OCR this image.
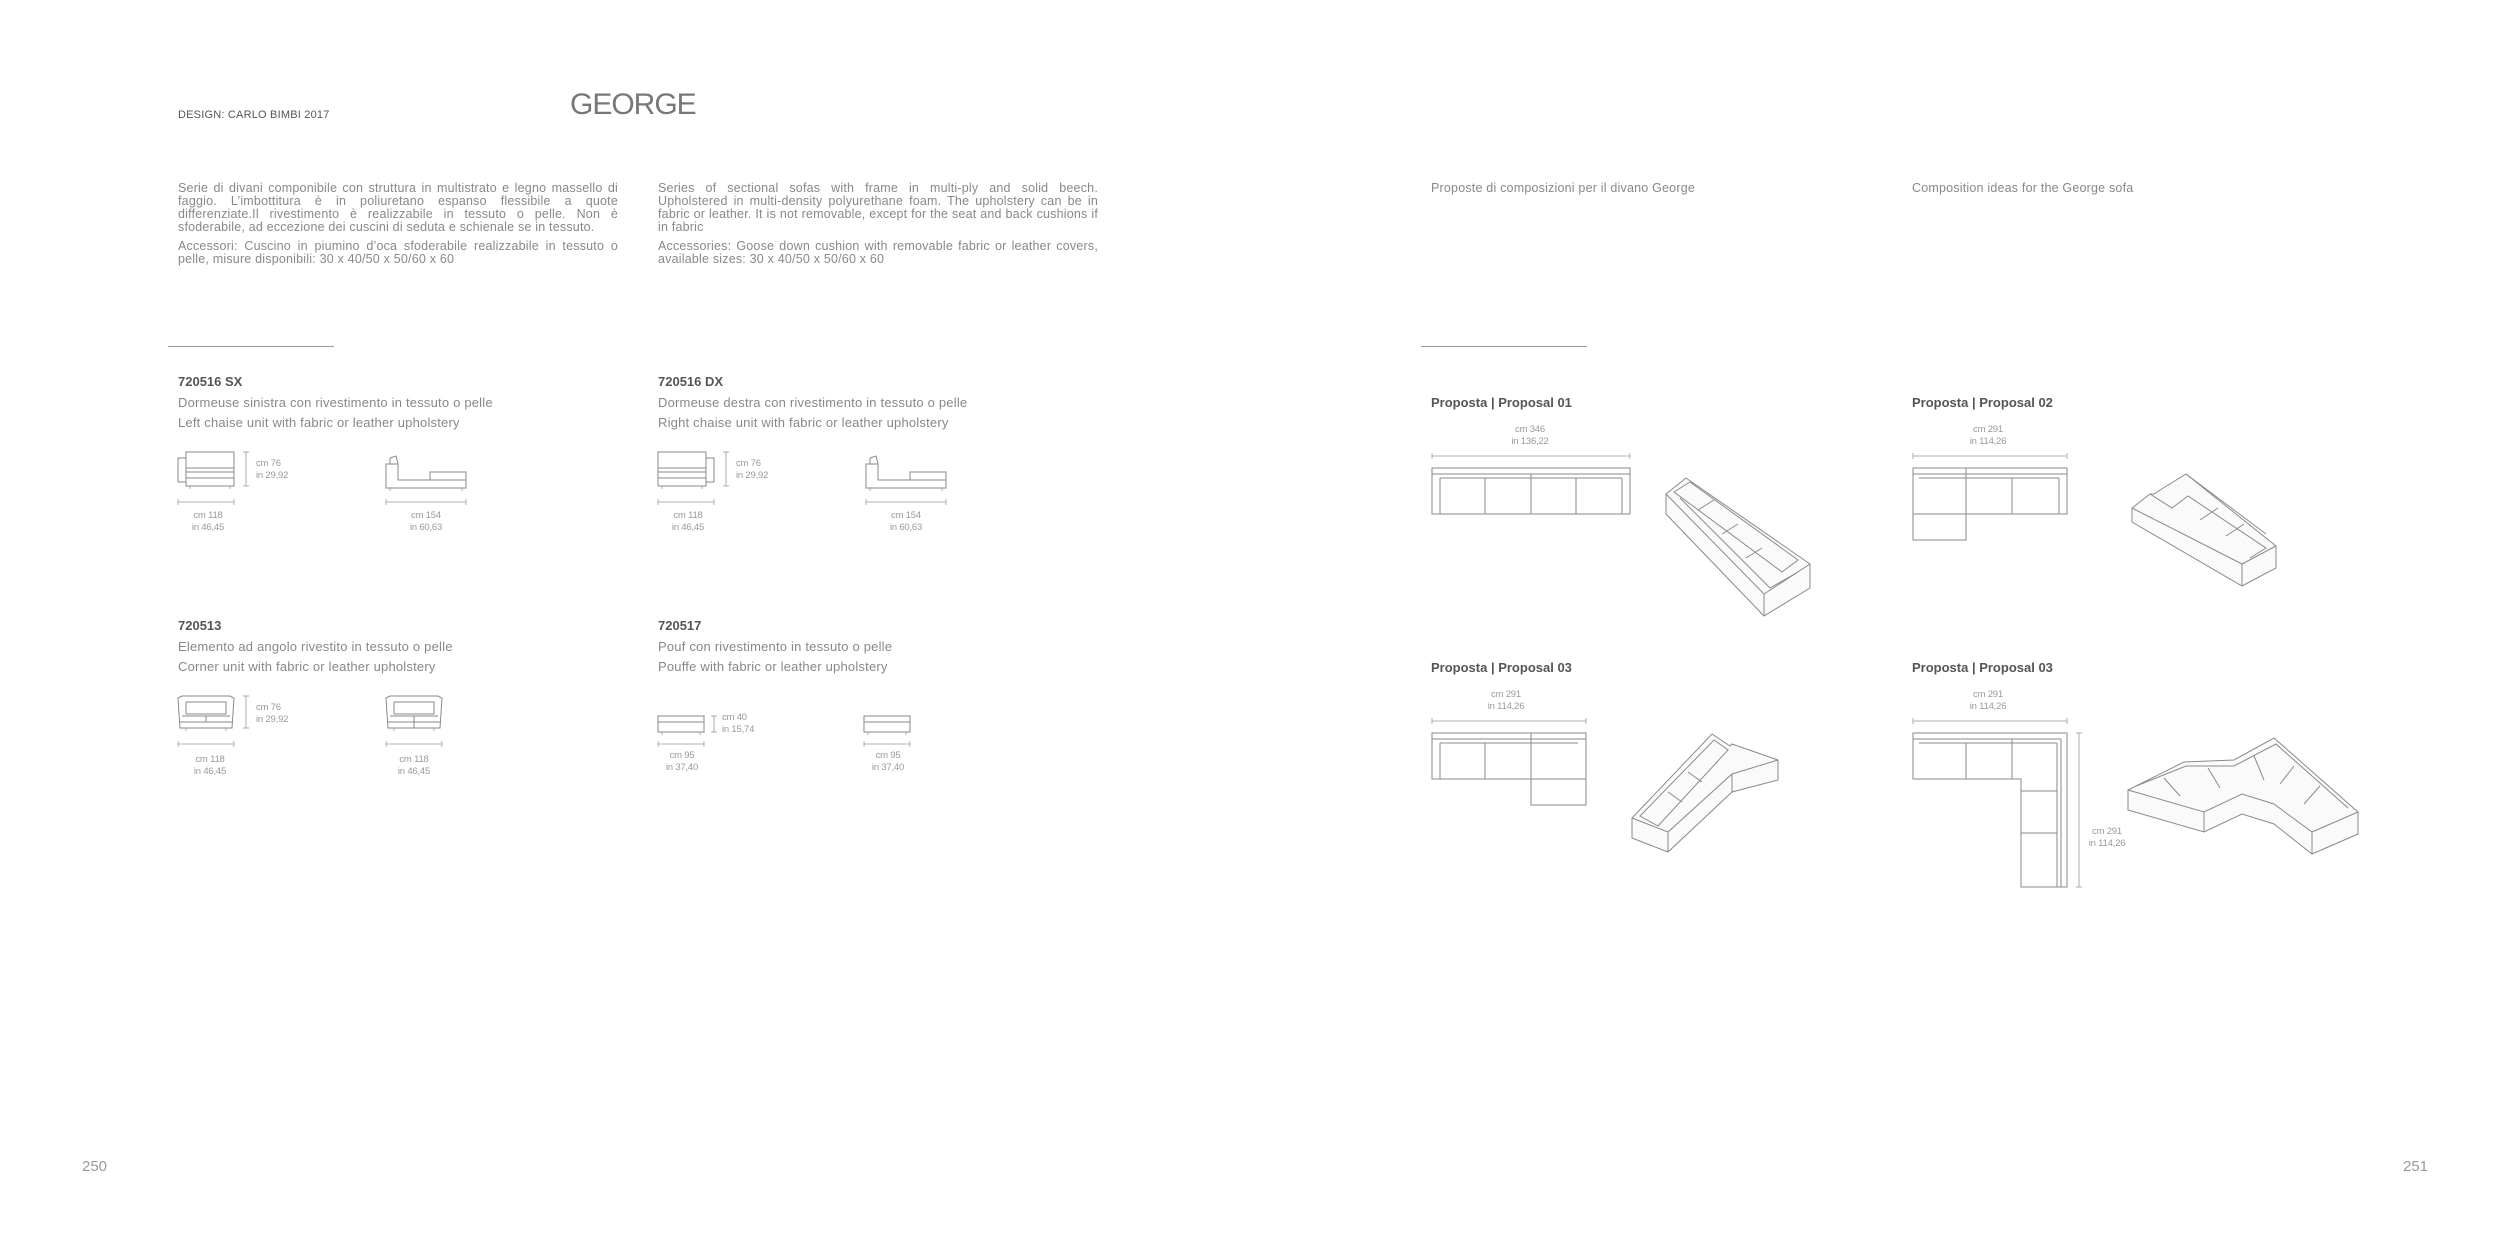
DESIGN: CARLO BIMBI 2017	GEORGE

Serie di divani componibile con struttura in multistrato e legno massello di faggio. L’imbottitura è in poliuretano espanso flessibile a quote differenziate.Il rivestimento è realizzabile in tessuto o pelle. Non è sfoderabile, ad eccezione dei cuscini di seduta e schienale se in tessuto.

Accessori: Cuscino in piumino d’oca sfoderabile realizzabile in tessuto o pelle, misure disponibili: 30 x 40/50 x 50/60 x 60

Series of sectional sofas with frame in multi-ply and solid beech. Upholstered in multi-density polyurethane foam. The upholstery can be in fabric or leather. It is not removable, except for the seat and back cushions if in fabric

Accessories: Goose down cushion with removable fabric or leather covers, available sizes: 30 x 40/50 x 50/60 x 60

720516 SX
Dormeuse sinistra con rivestimento in tessuto o pelle
Left chaise unit with fabric or leather upholstery
cm 76
in 29,92
cm 118
in 46,45
cm 154
in 60,63
720516 DX
Dormeuse destra con rivestimento in tessuto o pelle
Right chaise unit with fabric or leather upholstery
cm 76
in 29,92
cm 118
in 46,45
cm 154
in 60,63
720513
Elemento ad angolo rivestito in tessuto o pelle
Corner unit with fabric or leather upholstery
cm 76
in 29,92
cm 118
in 46,45
cm 118
in 46,45
720517
Pouf con rivestimento in tessuto o pelle
Pouffe with fabric or leather upholstery
cm 40
in 15,74
cm 95
in 37,40
cm 95
in 37,40
250
Proposte di composizioni per il divano George	Composition ideas for the George sofa
Proposta | Proposal 01
cm 346
in 136,22
Proposta | Proposal 02
cm 291
in 114,26
Proposta | Proposal 03
cm 291
in 114,26
Proposta | Proposal 03
cm 291
in 114,26
cm 291
in 114,26
251
